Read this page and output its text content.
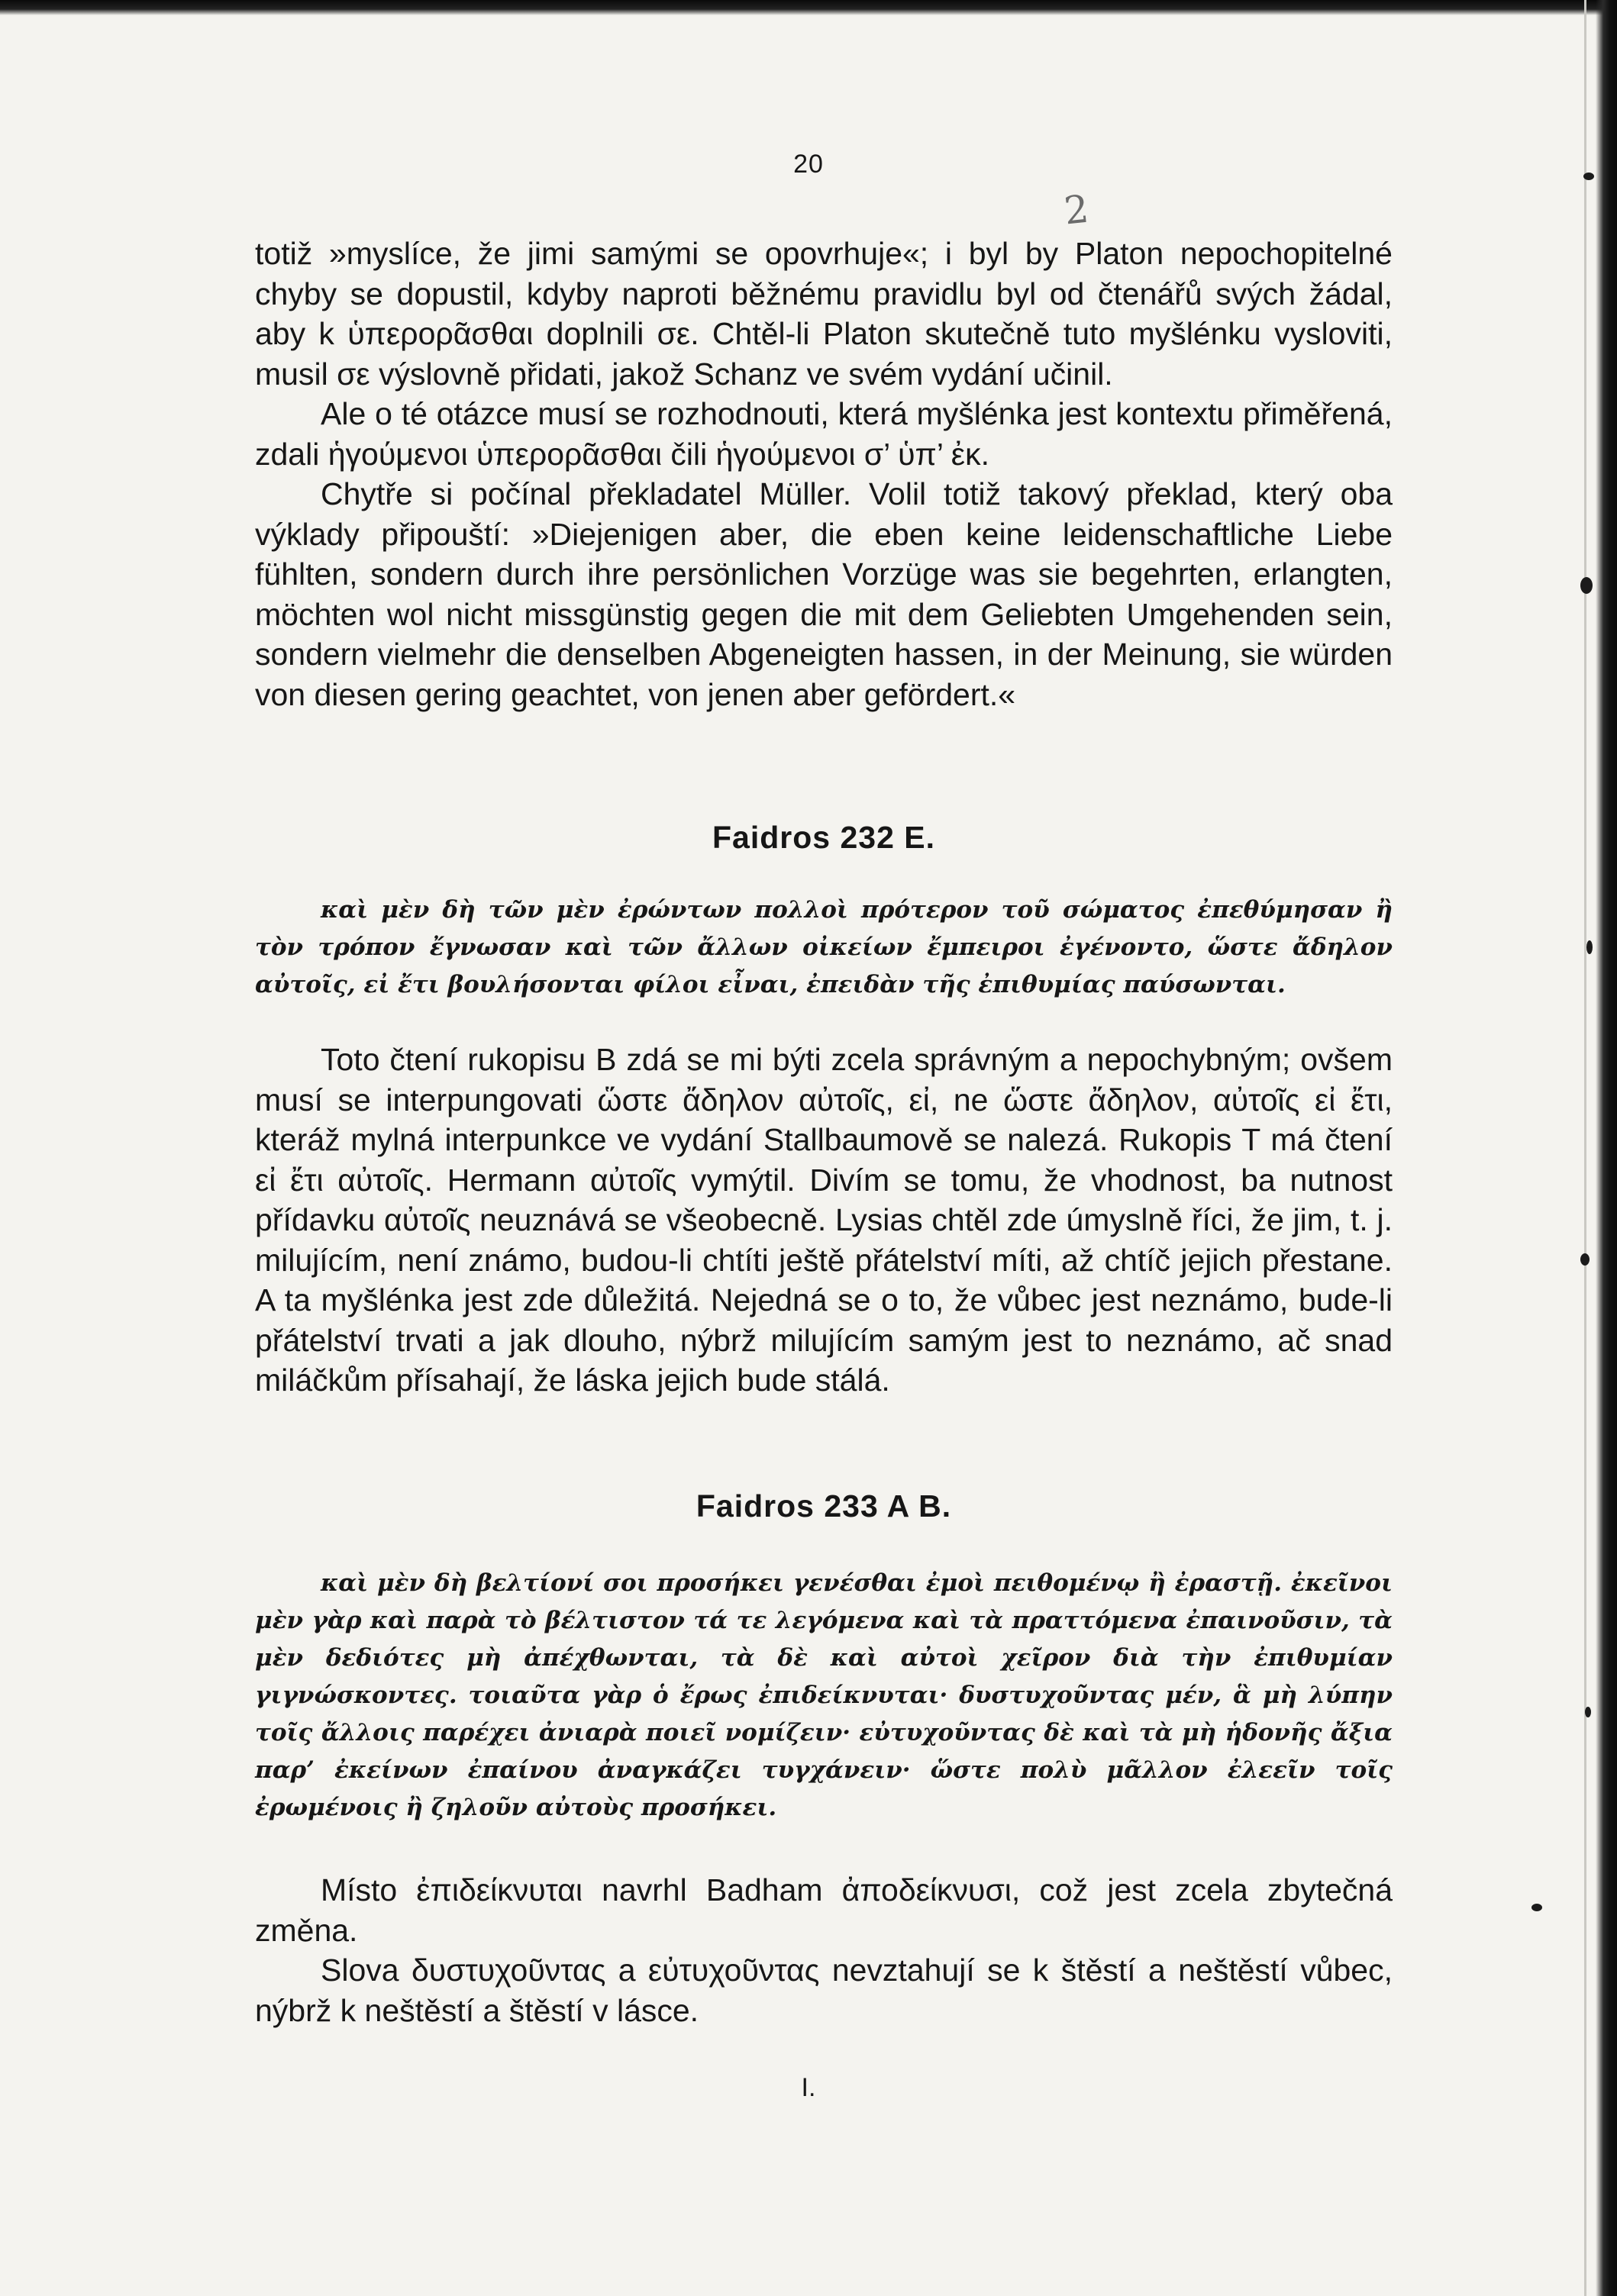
20
2

totiž »myslíce, že jimi samými se opovrhuje«; i byl by Platon nepochopitelné chyby se dopustil, kdyby naproti běžnému pravidlu byl od čtenářů svých žádal, aby k ὑπερορᾶσθαι doplnili σε. Chtěl-li Platon skutečně tuto myšlénku vysloviti, musil σε výslovně přidati, jakož Schanz ve svém vydání učinil.

Ale o té otázce musí se rozhodnouti, která myšlénka jest kontextu přiměřená, zdali ἡγούμενοι ὑπερορᾶσθαι čili ἡγούμενοι σ’ ὑπ’ ἐκ.

Chytře si počínal překladatel Müller. Volil totiž takový překlad, který oba výklady připouští: »Diejenigen aber, die eben keine leidenschaftliche Liebe fühlten, sondern durch ihre persönlichen Vorzüge was sie begehrten, erlangten, möchten wol nicht missgünstig gegen die mit dem Geliebten Umgehenden sein, sondern vielmehr die denselben Abgeneigten hassen, in der Meinung, sie würden von diesen gering geachtet, von jenen aber gefördert.«

Faidros 232 E.

καὶ μὲν δὴ τῶν μὲν ἐρώντων πολλοὶ πρότερον τοῦ σώματος ἐπεθύμησαν ἢ τὸν τρόπον ἔγνωσαν καὶ τῶν ἄλλων οἰκείων ἔμπειροι ἐγένοντο, ὥστε ἄδηλον αὐτοῖς, εἰ ἔτι βουλήσονται φίλοι εἶναι, ἐπειδὰν τῆς ἐπιθυμίας παύσωνται.

Toto čtení rukopisu B zdá se mi býti zcela správným a nepochybným; ovšem musí se interpungovati ὥστε ἄδηλον αὐτοῖς, εἰ, ne ὥστε ἄδηλον, αὐτοῖς εἰ ἔτι, kteráž mylná interpunkce ve vydání Stallbaumově se nalezá. Rukopis T má čtení εἰ ἔτι αὐτοῖς. Hermann αὐτοῖς vymýtil. Divím se tomu, že vhodnost, ba nutnost přídavku αὐτοῖς neuznává se všeobecně. Lysias chtěl zde úmyslně říci, že jim, t. j. milujícím, není známo, budou-li chtíti ještě přátelství míti, až chtíč jejich přestane. A ta myšlénka jest zde důležitá. Nejedná se o to, že vůbec jest neznámo, bude-li přátelství trvati a jak dlouho, nýbrž milujícím samým jest to neznámo, ač snad miláčkům přísahají, že láska jejich bude stálá.

Faidros 233 A B.

καὶ μὲν δὴ βελτίονί σοι προσήκει γενέσθαι ἐμοὶ πειθομένῳ ἢ ἐραστῇ. ἐκεῖνοι μὲν γὰρ καὶ παρὰ τὸ βέλτιστον τά τε λεγόμενα καὶ τὰ πραττόμενα ἐπαινοῦσιν, τὰ μὲν δεδιότες μὴ ἀπέχθωνται, τὰ δὲ καὶ αὐτοὶ χεῖρον διὰ τὴν ἐπιθυμίαν γιγνώσκοντες. τοιαῦτα γὰρ ὁ ἔρως ἐπιδείκνυται· δυστυχοῦντας μέν, ἃ μὴ λύπην τοῖς ἄλλοις παρέχει ἀνιαρὰ ποιεῖ νομίζειν· εὐτυχοῦντας δὲ καὶ τὰ μὴ ἡδονῆς ἄξια παρ’ ἐκείνων ἐπαίνου ἀναγκάζει τυγχάνειν· ὥστε πολὺ μᾶλλον ἐλεεῖν τοῖς ἐρωμένοις ἢ ζηλοῦν αὐτοὺς προσήκει.

Místo ἐπιδείκνυται navrhl Badham ἀποδείκνυσι, což jest zcela zbytečná změna.

Slova δυστυχοῦντας a εὐτυχοῦντας nevztahují se k štěstí a neštěstí vůbec, nýbrž k neštěstí a štěstí v lásce.

I.
